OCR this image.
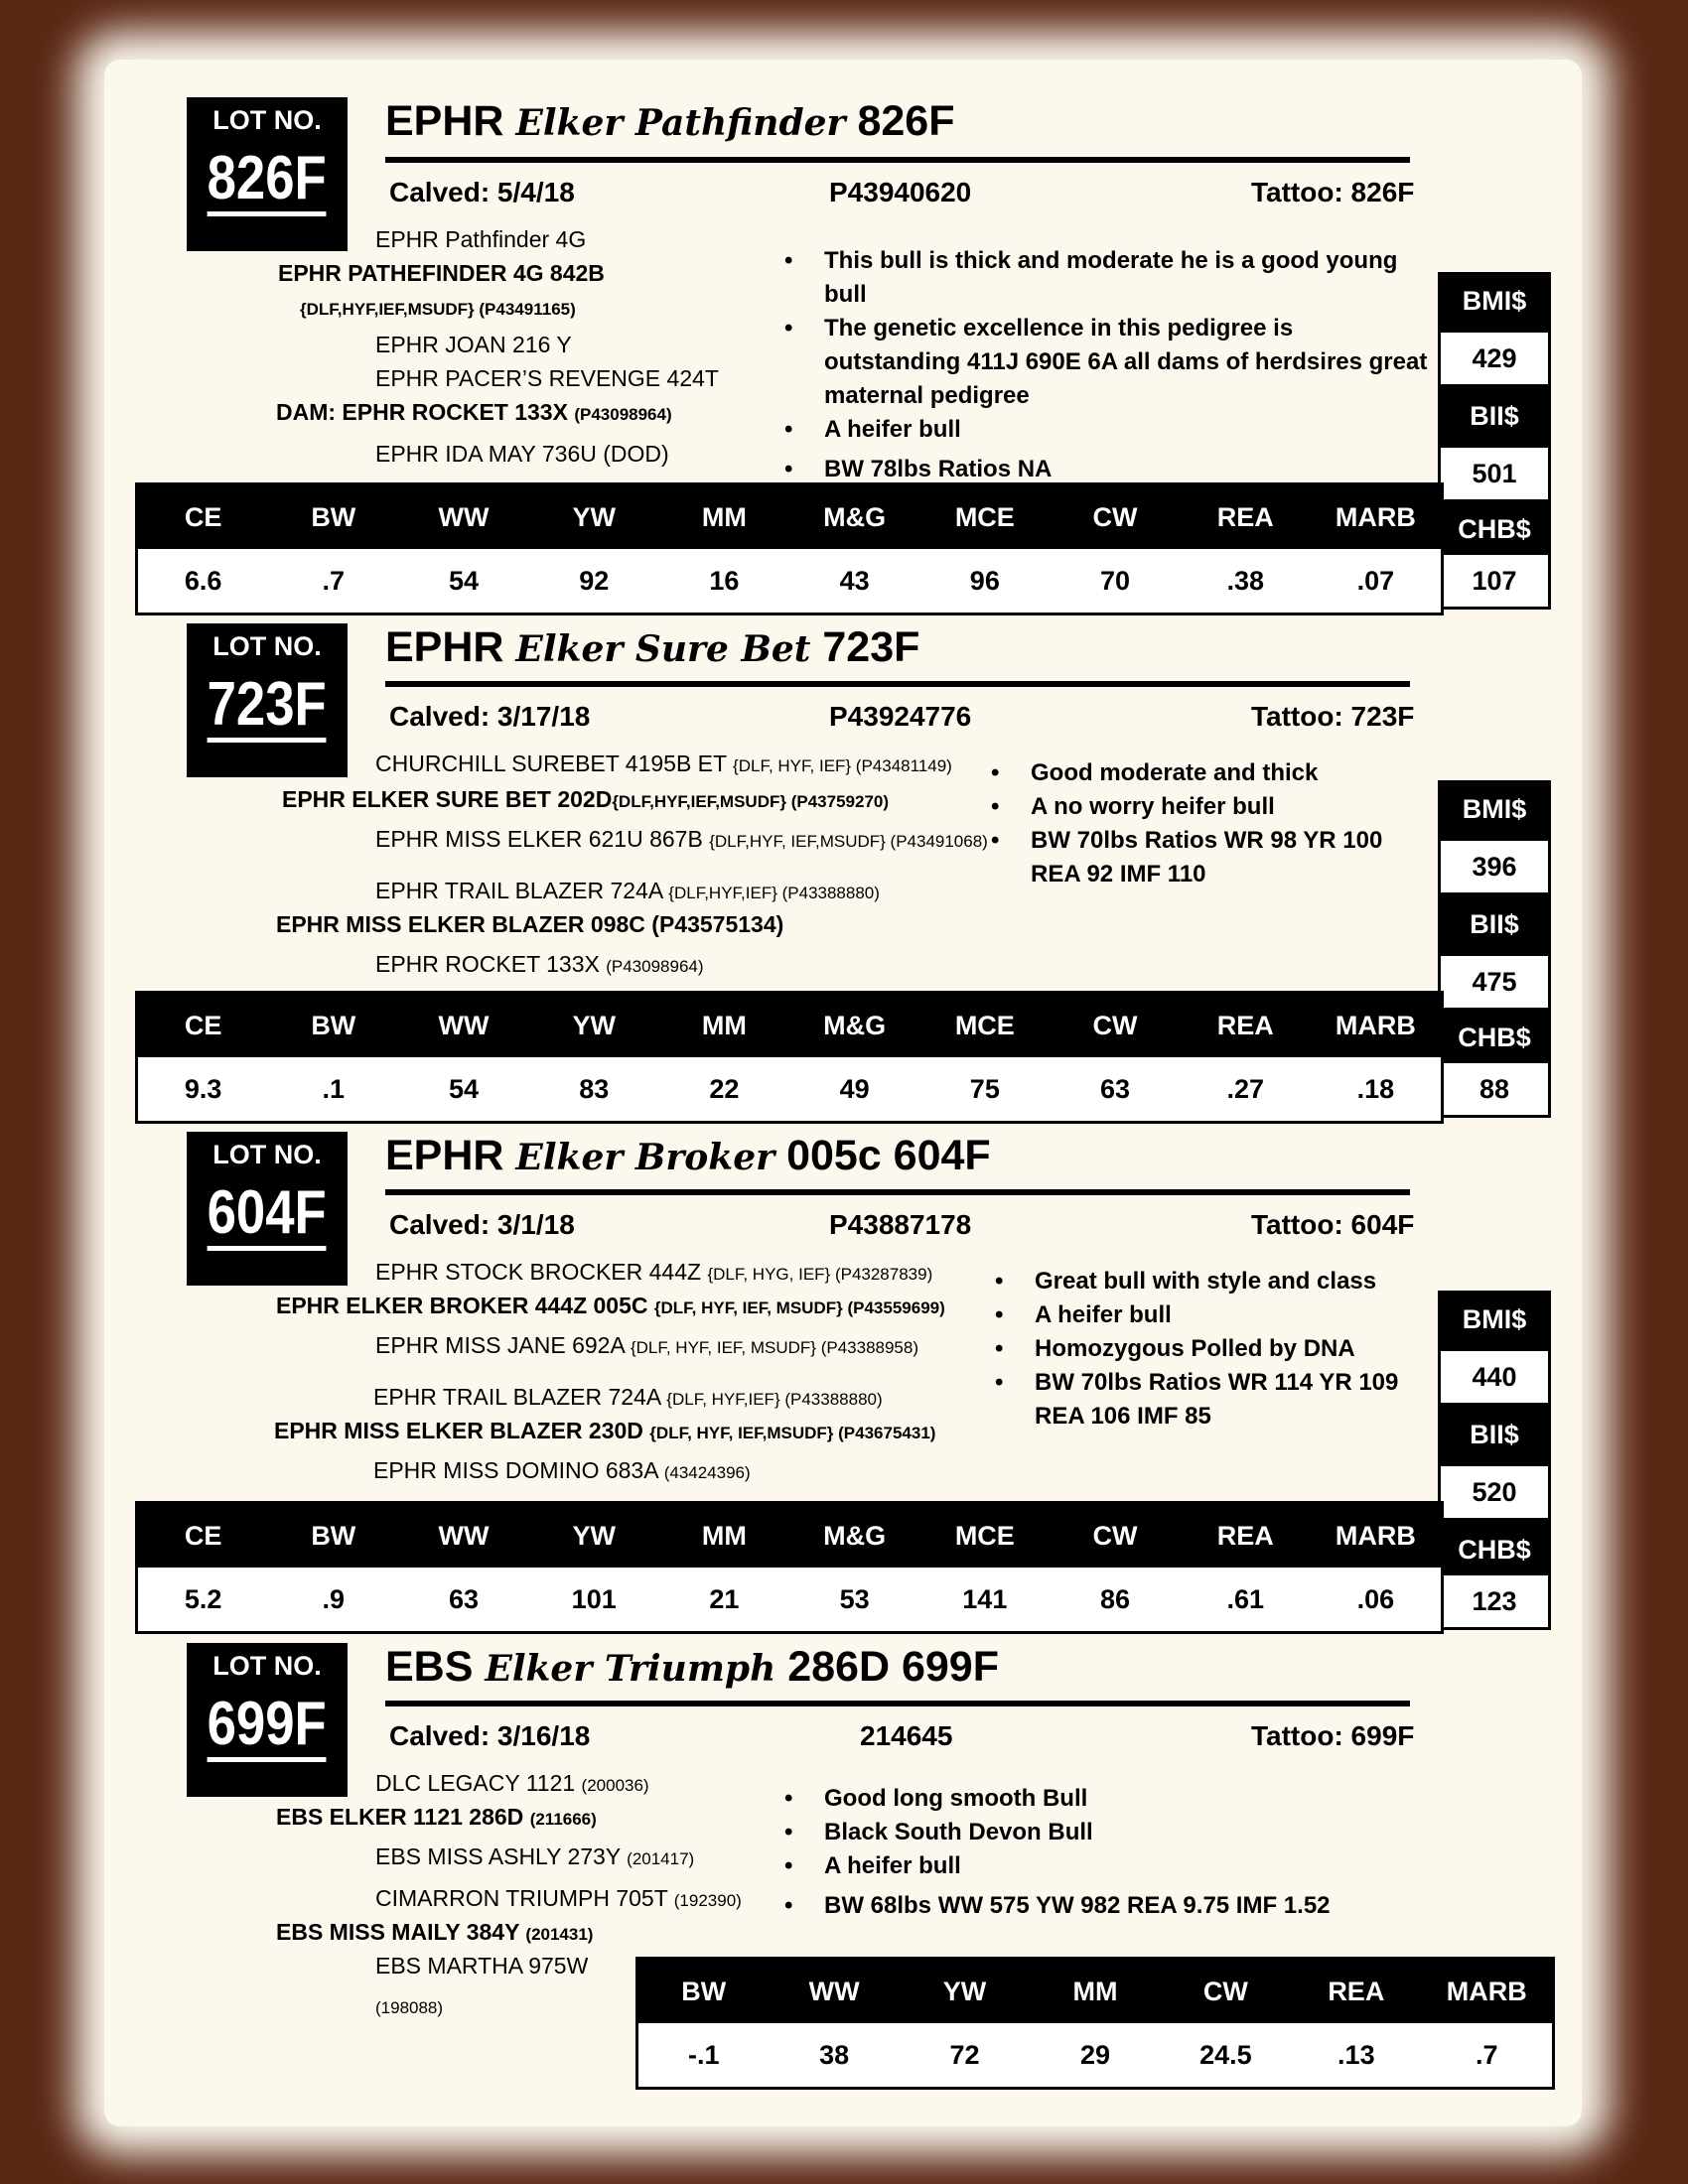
LOT NO.
826F
EPHR Elker Pathfinder 826F
Calved: 5/4/18	P43940620	Tattoo: 826F
EPHR Pathfinder 4G
EPHR PATHEFINDER 4G 842B
{DLF,HYF,IEF,MSUDF} (P43491165)
EPHR JOAN 216 Y
EPHR PACER’S REVENGE 424T
DAM: EPHR ROCKET 133X (P43098964)
EPHR IDA MAY 736U (DOD)
• This bull is thick and moderate he is a good young bull
• The genetic excellence in this pedigree is outstanding 411J 690E 6A all dams of herdsires great maternal pedigree
• A heifer bull
• BW 78lbs Ratios NA
BMI$
429
BII$
501
CHB$
107
CE	BW	WW	YW	MM	M&G	MCE	CW	REA	MARB
6.6	.7	54	92	16	43	96	70	.38	.07
LOT NO.
723F
EPHR Elker Sure Bet 723F
Calved: 3/17/18	P43924776	Tattoo: 723F
CHURCHILL SUREBET 4195B ET {DLF, HYF, IEF} (P43481149)
EPHR ELKER SURE BET 202D{DLF,HYF,IEF,MSUDF} (P43759270)
EPHR MISS ELKER 621U 867B {DLF,HYF, IEF,MSUDF} (P43491068)
EPHR TRAIL BLAZER 724A {DLF,HYF,IEF} (P43388880)
EPHR MISS ELKER BLAZER 098C (P43575134)
EPHR ROCKET 133X (P43098964)
• Good moderate and thick
• A no worry heifer bull
• BW 70lbs Ratios WR 98 YR 100 REA 92 IMF 110
BMI$
396
BII$
475
CHB$
88
CE	BW	WW	YW	MM	M&G	MCE	CW	REA	MARB
9.3	.1	54	83	22	49	75	63	.27	.18
LOT NO.
604F
EPHR Elker Broker 005c 604F
Calved: 3/1/18	P43887178	Tattoo: 604F
EPHR STOCK BROCKER 444Z {DLF, HYG, IEF} (P43287839)
EPHR ELKER BROKER 444Z 005C {DLF, HYF, IEF, MSUDF} (P43559699)
EPHR MISS JANE 692A {DLF, HYF, IEF, MSUDF} (P43388958)
EPHR TRAIL BLAZER 724A {DLF, HYF,IEF} (P43388880)
EPHR MISS ELKER BLAZER 230D {DLF, HYF, IEF,MSUDF} (P43675431)
EPHR MISS DOMINO 683A (43424396)
• Great bull with style and class
• A heifer bull
• Homozygous Polled by DNA
• BW 70lbs Ratios WR 114 YR 109 REA 106 IMF 85
BMI$
440
BII$
520
CHB$
123
CE	BW	WW	YW	MM	M&G	MCE	CW	REA	MARB
5.2	.9	63	101	21	53	141	86	.61	.06
LOT NO.
699F
EBS Elker Triumph 286D 699F
Calved: 3/16/18	214645	Tattoo: 699F
DLC LEGACY 1121 (200036)
EBS ELKER 1121 286D (211666)
EBS MISS ASHLY 273Y (201417)
CIMARRON TRIUMPH 705T (192390)
EBS MISS MAILY 384Y (201431)
EBS MARTHA 975W
(198088)
• Good long smooth Bull
• Black South Devon Bull
• A heifer bull
• BW 68lbs WW 575 YW 982 REA 9.75 IMF 1.52
BW	WW	YW	MM	CW	REA	MARB
-.1	38	72	29	24.5	.13	.7
